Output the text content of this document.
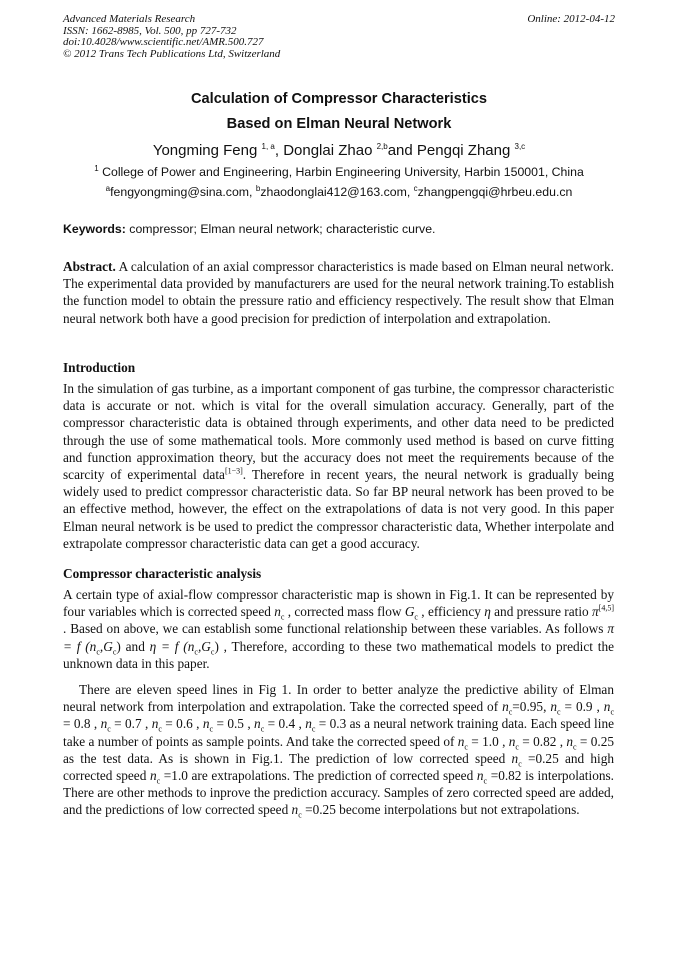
Advanced Materials Research
ISSN: 1662-8985, Vol. 500, pp 727-732
doi:10.4028/www.scientific.net/AMR.500.727
© 2012 Trans Tech Publications Ltd, Switzerland
Online: 2012-04-12
Calculation of Compressor Characteristics
Based on Elman Neural Network
Yongming Feng $^{1, a}$, Donglai Zhao $^{2,b}$and Pengqi Zhang $^{3,c}$
$^1$ College of Power and Engineering, Harbin Engineering University, Harbin 150001, China
$^a$fengyongming@sina.com, $^b$zhaodonglai412@163.com, $^c$zhangpengqi@hrbeu.edu.cn
Keywords: compressor; Elman neural network; characteristic curve.
Abstract. A calculation of an axial compressor characteristics is made based on Elman neural network. The experimental data provided by manufacturers are used for the neural network training.To establish the function model to obtain the pressure ratio and efficiency respectively. The result show that Elman neural network both have a good precision for prediction of interpolation and extrapolation.
Introduction
In the simulation of gas turbine, as a important component of gas turbine, the compressor characteristic data is accurate or not. which is vital for the overall simulation accuracy. Generally, part of the compressor characteristic data is obtained through experiments, and other data need to be predicted through the use of some mathematical tools. More commonly used method is based on curve fitting and function approximation theory, but the accuracy does not meet the requirements because of the scarcity of experimental data[1−3]. Therefore in recent years, the neural network is gradually being widely used to predict compressor characteristic data. So far BP neural network has been proved to be an effective method, however, the effect on the extrapolations of data is not very good. In this paper Elman neural network is be used to predict the compressor characteristic data, Whether interpolate and extrapolate compressor characteristic data can get a good accuracy.
Compressor characteristic analysis
A certain type of axial-flow compressor characteristic map is shown in Fig.1. It can be represented by four variables which is corrected speed $n_c$ , corrected mass flow $G_c$ , efficiency η and pressure ratio π[4,5] . Based on above, we can establish some functional relationship between these variables. As follows π = f $(n_c,G_c)$ and η = f $(n_c,G_c)$ , Therefore, according to these two mathematical models to predict the unknown data in this paper.
There are eleven speed lines in Fig 1. In order to better analyze the predictive ability of Elman neural network from interpolation and extrapolation. Take the corrected speed of $n_c=0.95$, $n_c = 0.9$ , $n_c = 0.8$ , $n_c = 0.7$ , $n_c = 0.6$ , $n_c = 0.5$ , $n_c = 0.4$ , $n_c = 0.3$ as a neural network training data. Each speed line take a number of points as sample points. And take the corrected speed of $n_c = 1.0$ , $n_c = 0.82$ , $n_c = 0.25$ as the test data. As is shown in Fig.1. The prediction of low corrected speed $n_c =0.25$ and high corrected speed $n_c =1.0$ are extrapolations. The prediction of corrected speed $n_c =0.82$ is interpolations. There are other methods to inprove the prediction accuracy. Samples of zero corrected speed are added, and the predictions of low corrected speed $n_c =0.25$ become interpolations but not extrapolations.
